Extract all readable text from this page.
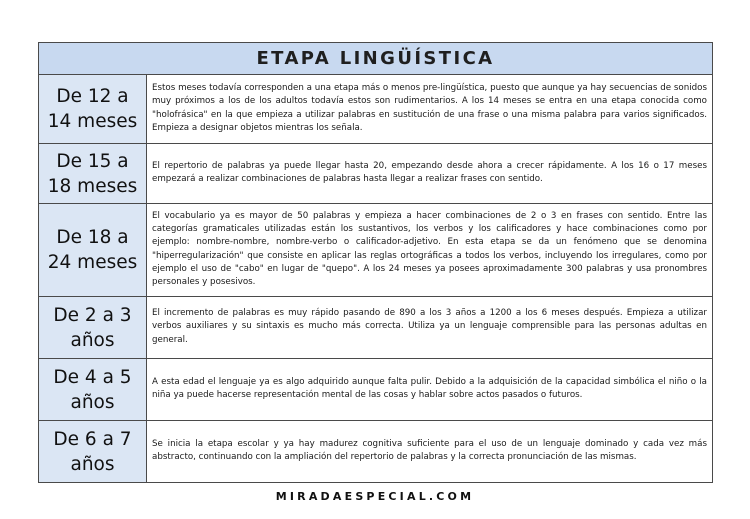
ETAPA LINGÜÍSTICA	
De 12 a
14 meses	Estos meses todavía corresponden a una etapa más o menos pre-lingüística, puesto que aunque ya hay secuencias de sonidos muy próximos a los de los adultos todavía estos son rudimentarios. A los 14 meses se entra en una etapa conocida como "holofrásica" en la que empieza a utilizar palabras en sustitución de una frase o una misma palabra para varios significados. Empieza a designar objetos mientras los señala.
De 15 a
18 meses	El repertorio de palabras ya puede llegar hasta 20, empezando desde ahora a crecer rápidamente. A los 16 o 17 meses empezará a realizar combinaciones de palabras hasta llegar a realizar frases con sentido.
De 18 a
24 meses	El vocabulario ya es mayor de 50 palabras y empieza a hacer combinaciones de 2 o 3 en frases con sentido. Entre las categorías gramaticales utilizadas están los sustantivos, los verbos y los calificadores y hace combinaciones como por ejemplo: nombre-nombre, nombre-verbo o calificador-adjetivo. En esta etapa se da un fenómeno que se denomina "hiperregularización" que consiste en aplicar las reglas ortográficas a todos los verbos, incluyendo los irregulares, como por ejemplo el uso de "cabo" en lugar de "quepo". A los 24 meses ya posees aproximadamente 300 palabras y usa pronombres personales y posesivos.
De 2 a 3
años	El incremento de palabras es muy rápido pasando de 890 a los 3 años a 1200 a los 6 meses después. Empieza a utilizar verbos auxiliares y su sintaxis es mucho más correcta. Utiliza ya un lenguaje comprensible para las personas adultas en general.
De 4 a 5
años	A esta edad el lenguaje ya es algo adquirido aunque falta pulir. Debido a la adquisición de la capacidad simbólica el niño o la niña ya puede hacerse representación mental de las cosas y hablar sobre actos pasados o futuros.
De 6 a 7
años	Se inicia la etapa escolar y ya hay madurez cognitiva suficiente para el uso de un lenguaje dominado y cada vez más abstracto, continuando con la ampliación del repertorio de palabras y la correcta pronunciación de las mismas.
MIRADAESPECIAL.COM
